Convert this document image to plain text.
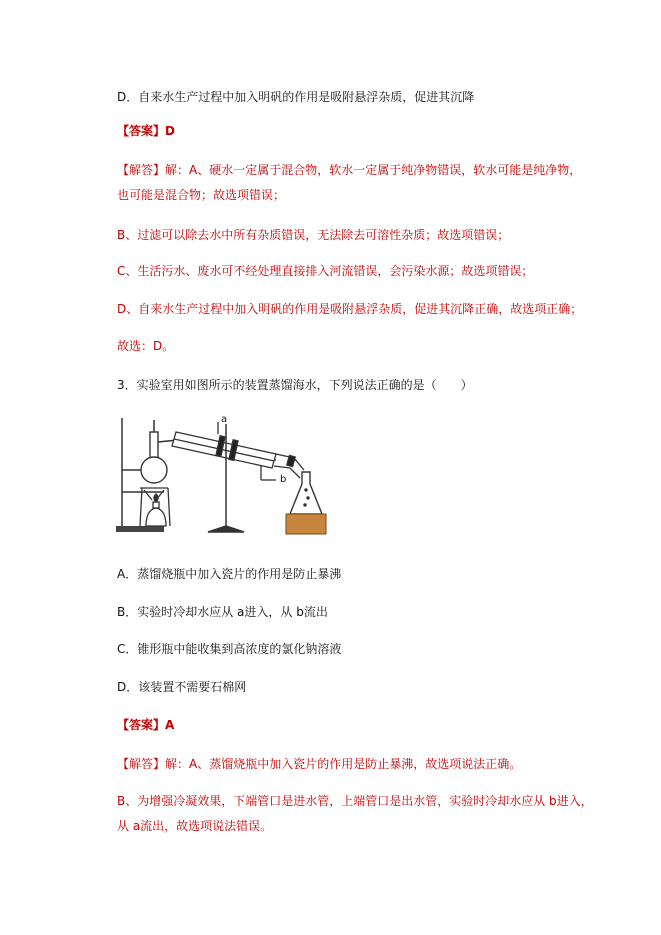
D．自来水生产过程中加入明矾的作用是吸附悬浮杂质，促进其沉降
【答案】D
【解答】解：A、硬水一定属于混合物，软水一定属于纯净物错误，软水可能是纯净物，
也可能是混合物；故选项错误；
B、过滤可以除去水中所有杂质错误，无法除去可溶性杂质；故选项错误；
C、生活污水、废水可不经处理直接排入河流错误，会污染水源；故选项错误；
D、自来水生产过程中加入明矾的作用是吸附悬浮杂质，促进其沉降正确，故选项正确；
故选：D。
3．实验室用如图所示的装置蒸馏海水，下列说法正确的是（　　）
a
b
A．蒸馏烧瓶中加入瓷片的作用是防止暴沸
B．实验时冷却水应从 a进入，从 b流出
C．锥形瓶中能收集到高浓度的氯化钠溶液
D．该装置不需要石棉网
【答案】A
【解答】解：A、蒸馏烧瓶中加入瓷片的作用是防止暴沸，故选项说法正确。
B、为增强冷凝效果，下端管口是进水管，上端管口是出水管，实验时冷却水应从 b进入，
从 a流出，故选项说法错误。
